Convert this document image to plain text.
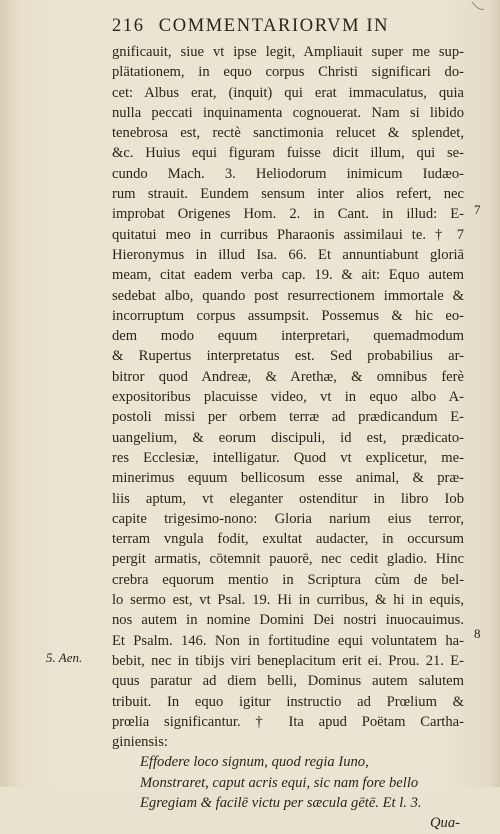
216 COMMENTARIORVM IN
gnificauit, siue vt ipse legit, Ampliauit super me sup-
plätationem, in equo corpus Christi significari do-
cet: Albus erat, (inquit) qui erat immaculatus, quia
nulla peccati inquinamenta cognouerat. Nam si libido
tenebrosa est, rectè sanctimonia relucet & splendet,
&c. Huius equi figuram fuisse dicit illum, qui se-
cundo Mach. 3. Heliodorum inimicum Iudæo-
rum strauit. Eundem sensum inter alios refert, nec
improbat Origenes Hom. 2. in Cant. in illud: E-
quitatui meo in curribus Pharaonis assimilaui te. † 7
Hieronymus in illud Isa. 66. Et annuntiabunt gloriā
meam, citat eadem verba cap. 19. & ait: Equo autem
sedebat albo, quando post resurrectionem immortale &
incorruptum corpus assumpsit. Possemus & hic eo-
dem modo equum interpretari, quemadmodum
& Rupertus interpretatus est. Sed probabilius ar-
bitror quod Andreæ, & Arethæ, & omnibus ferè
expositoribus placuisse video, vt in equo albo A-
postoli missi per orbem terræ ad prædicandum E-
uangelium, & eorum discipuli, id est, prædicato-
res Ecclesiæ, intelligatur. Quod vt explicetur, me-
minerimus equum bellicosum esse animal, & præ-
liis aptum, vt eleganter ostenditur in libro Iob
capite trigesimo-nono: Gloria narium eius terror,
terram vngula fodit, exultat audacter, in occursum
pergit armatis, cōtemnit pauorē, nec cedit gladio. Hinc
crebra equorum mentio in Scriptura cùm de bel-
lo sermo est, vt Psal. 19. Hi in curribus, & hi in equis,
nos autem in nomine Domini Dei nostri inuocauimus.
Et Psalm. 146. Non in fortitudine equi voluntatem ha-
bebit, nec in tibijs viri beneplacitum erit ei. Prou. 21. E-
quus paratur ad diem belli, Dominus autem salutem
tribuit. In equo igitur instructio ad Prœlium &
prœlia significantur. † Ita apud Poëtam Cartha-
giniensis:
Effodere loco signum, quod regia Iuno,
Monstraret, caput acris equi, sic nam fore bello
Egregiam & facilē victu per sæcula gētē. Et l. 3.
Qua-
5. Aen.
7
8
